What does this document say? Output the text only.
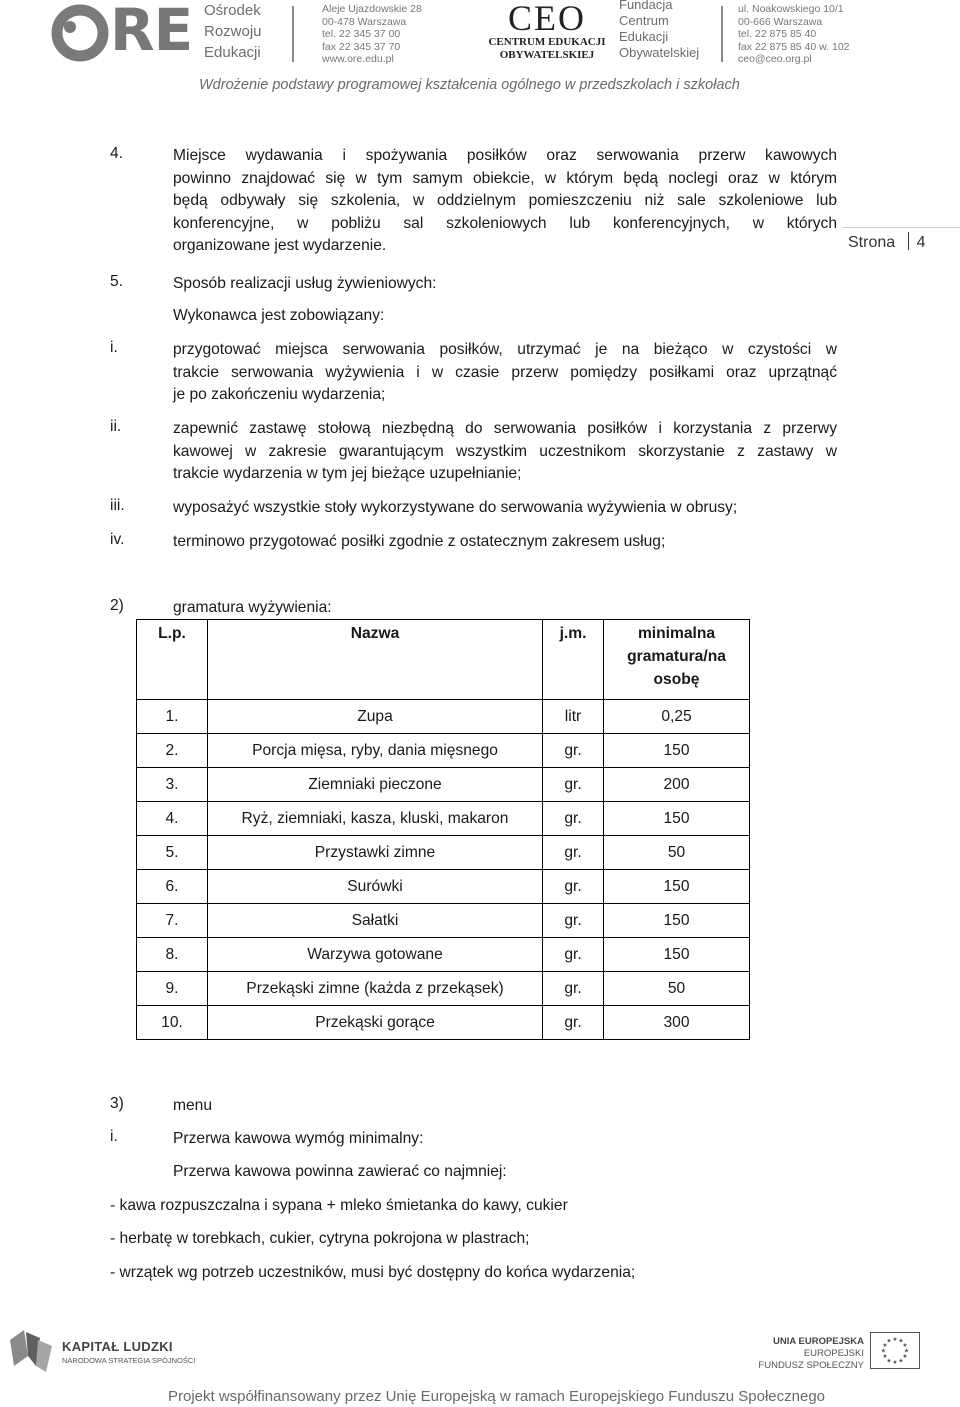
RE Ośrodek
Rozwoju
Edukacji
Aleje Ujazdowskie 28
00-478 Warszawa
tel. 22 345 37 00
fax 22 345 37 70
www.ore.edu.pl
CEO
CENTRUM EDUKACJI
OBYWATELSKIEJ
Fundacja
Centrum
Edukacji
Obywatelskiej
ul. Noakowskiego 10/1
00-666 Warszawa
tel. 22 875 85 40
fax 22 875 85 40 w. 102
ceo@ceo.org.pl
Wdrożenie podstawy programowej kształcenia ogólnego w przedszkolach i szkołach
Strona 4
4.	Miejsce wydawania i spożywania posiłków oraz serwowania przerw kawowych
powinno znajdować się w tym samym obiekcie, w którym będą noclegi oraz w którym
będą odbywały się szkolenia, w oddzielnym pomieszczeniu niż sale szkoleniowe lub
konferencyjne, w pobliżu sal szkoleniowych lub konferencyjnych, w których
organizowane jest wydarzenie.
5.	Sposób realizacji usług żywieniowych:
Wykonawca jest zobowiązany:
i.	przygotować miejsca serwowania posiłków, utrzymać je na bieżąco w czystości w
trakcie serwowania wyżywienia i w czasie przerw pomiędzy posiłkami oraz uprzątnąć
je po zakończeniu wydarzenia;
ii.	zapewnić zastawę stołową niezbędną do serwowania posiłków i korzystania z przerwy
kawowej w zakresie gwarantującym wszystkim uczestnikom skorzystanie z zastawy w
trakcie wydarzenia w tym jej bieżące uzupełnianie;
iii.	wyposażyć wszystkie stoły wykorzystywane do serwowania wyżywienia w obrusy;
iv.	terminowo przygotować posiłki zgodnie z ostatecznym zakresem usług;
2)	gramatura wyżywienia:
L.p.	Nazwa	j.m.	minimalna gramatura/na osobę
1.	Zupa	litr	0,25
2.	Porcja mięsa, ryby, dania mięsnego	gr.	150
3.	Ziemniaki pieczone	gr.	200
4.	Ryż, ziemniaki, kasza, kluski, makaron	gr.	150
5.	Przystawki zimne	gr.	50
6.	Surówki	gr.	150
7.	Sałatki	gr.	150
8.	Warzywa gotowane	gr.	150
9.	Przekąski zimne (każda z przekąsek)	gr.	50
10.	Przekąski gorące	gr.	300
3)	menu
i.	Przerwa kawowa wymóg minimalny:
Przerwa kawowa powinna zawierać co najmniej:
- kawa rozpuszczalna i sypana + mleko śmietanka do kawy, cukier
- herbatę w torebkach, cukier, cytryna pokrojona w plastrach;
- wrzątek wg potrzeb uczestników, musi być dostępny do końca wydarzenia;
KAPITAŁ LUDZKI
NARODOWA STRATEGIA SPÓJNOŚCI
UNIA EUROPEJSKA
EUROPEJSKI
FUNDUSZ SPOŁECZNY
★ ★
★
★
★
★
★
★
★
★
★
★
Projekt współfinansowany przez Unię Europejską w ramach Europejskiego Funduszu Społecznego
